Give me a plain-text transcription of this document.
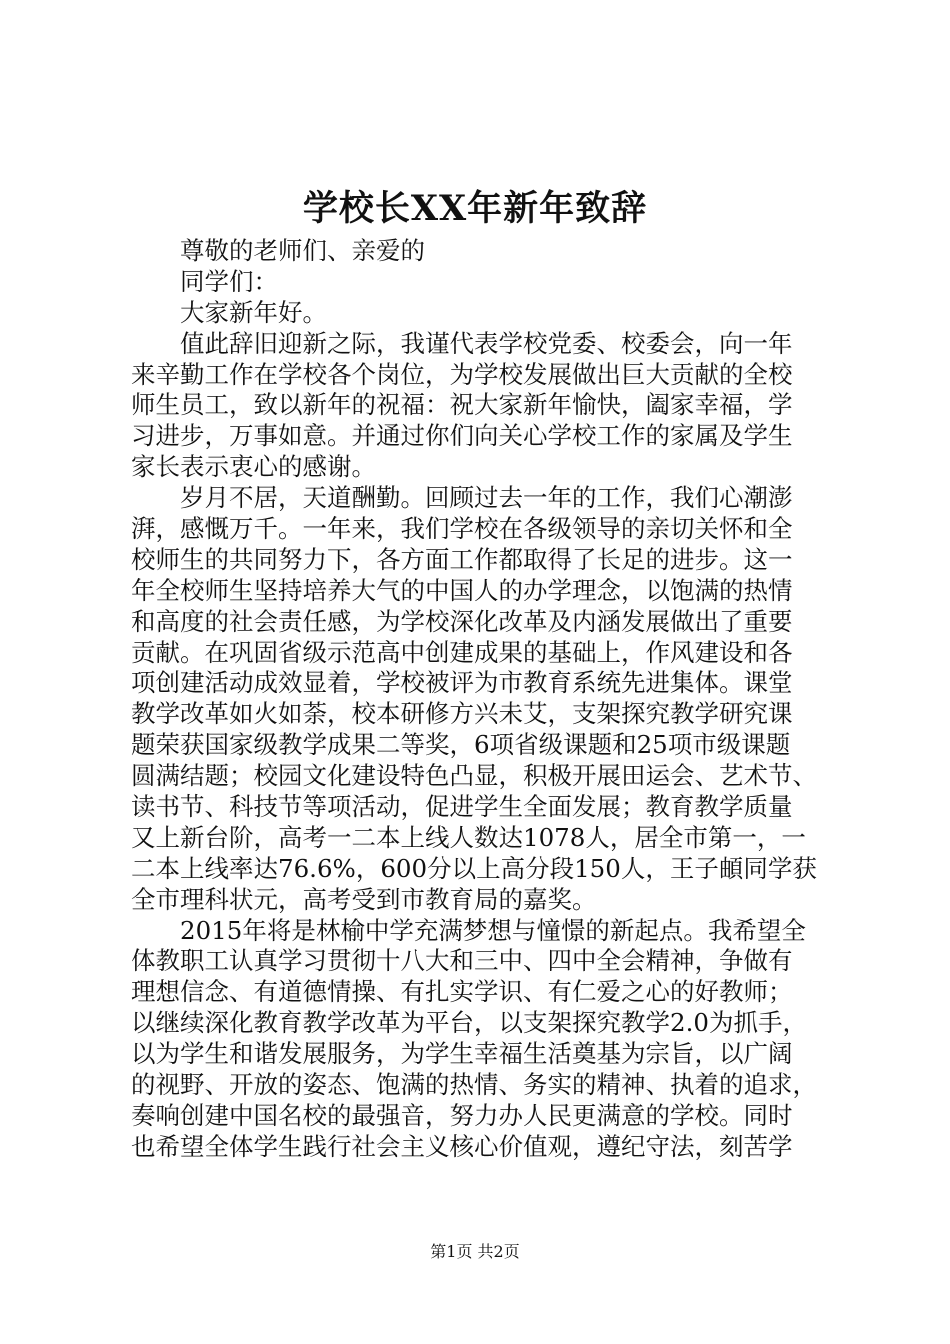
学校长XX年新年致辞

尊敬的老师们、亲爱的

同学们：

大家新年好。

值此辞旧迎新之际，我谨代表学校党委、校委会，向一年

来辛勤工作在学校各个岗位，为学校发展做出巨大贡献的全校

师生员工，致以新年的祝福：祝大家新年愉快，阖家幸福，学

习进步，万事如意。并通过你们向关心学校工作的家属及学生

家长表示衷心的感谢。

岁月不居，天道酬勤。回顾过去一年的工作，我们心潮澎

湃，感慨万千。一年来，我们学校在各级领导的亲切关怀和全

校师生的共同努力下，各方面工作都取得了长足的进步。这一

年全校师生坚持培养大气的中国人的办学理念，以饱满的热情

和高度的社会责任感，为学校深化改革及内涵发展做出了重要

贡献。在巩固省级示范高中创建成果的基础上，作风建设和各

项创建活动成效显着，学校被评为市教育系统先进集体。课堂

教学改革如火如荼，校本研修方兴未艾，支架探究教学研究课

题荣获国家级教学成果二等奖，6项省级课题和25项市级课题

圆满结题；校园文化建设特色凸显，积极开展田运会、艺术节、

读书节、科技节等项活动，促进学生全面发展；教育教学质量

又上新台阶，高考一二本上线人数达1078人，居全市第一，一

二本上线率达76.6%，600分以上高分段150人，王子頔同学获

全市理科状元，高考受到市教育局的嘉奖。

2015年将是林榆中学充满梦想与憧憬的新起点。我希望全

体教职工认真学习贯彻十八大和三中、四中全会精神，争做有

理想信念、有道德情操、有扎实学识、有仁爱之心的好教师；

以继续深化教育教学改革为平台，以支架探究教学2.0为抓手，

以为学生和谐发展服务，为学生幸福生活奠基为宗旨，以广阔

的视野、开放的姿态、饱满的热情、务实的精神、执着的追求，

奏响创建中国名校的最强音，努力办人民更满意的学校。同时

也希望全体学生践行社会主义核心价值观，遵纪守法，刻苦学

第1页 共2页
